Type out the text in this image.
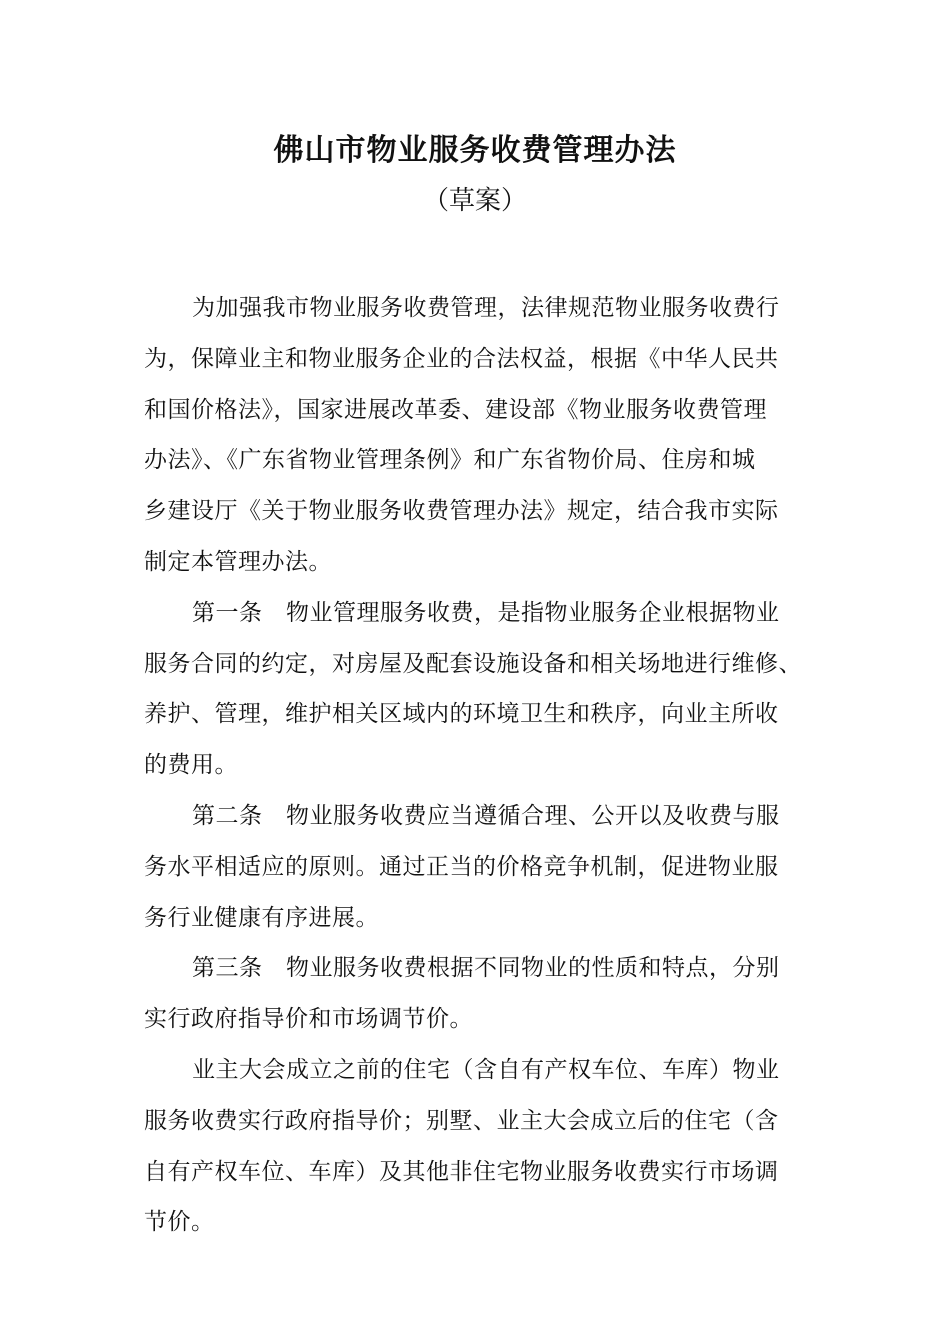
佛山市物业服务收费管理办法
（草案）

为加强我市物业服务收费管理，法律规范物业服务收费行
为，保障业主和物业服务企业的合法权益，根据《中华人民共
和国价格法》，国家进展改革委、建设部《物业服务收费管理
办法》、《广东省物业管理条例》和广东省物价局、住房和城
乡建设厅《关于物业服务收费管理办法》规定，结合我市实际
制定本管理办法。

第一条　物业管理服务收费，是指物业服务企业根据物业
服务合同的约定，对房屋及配套设施设备和相关场地进行维修、
养护、管理，维护相关区域内的环境卫生和秩序，向业主所收
的费用。

第二条　物业服务收费应当遵循合理、公开以及收费与服
务水平相适应的原则。通过正当的价格竞争机制，促进物业服
务行业健康有序进展。

第三条　物业服务收费根据不同物业的性质和特点，分别
实行政府指导价和市场调节价。

业主大会成立之前的住宅（含自有产权车位、车库）物业
服务收费实行政府指导价；别墅、业主大会成立后的住宅（含
自有产权车位、车库）及其他非住宅物业服务收费实行市场调
节价。
